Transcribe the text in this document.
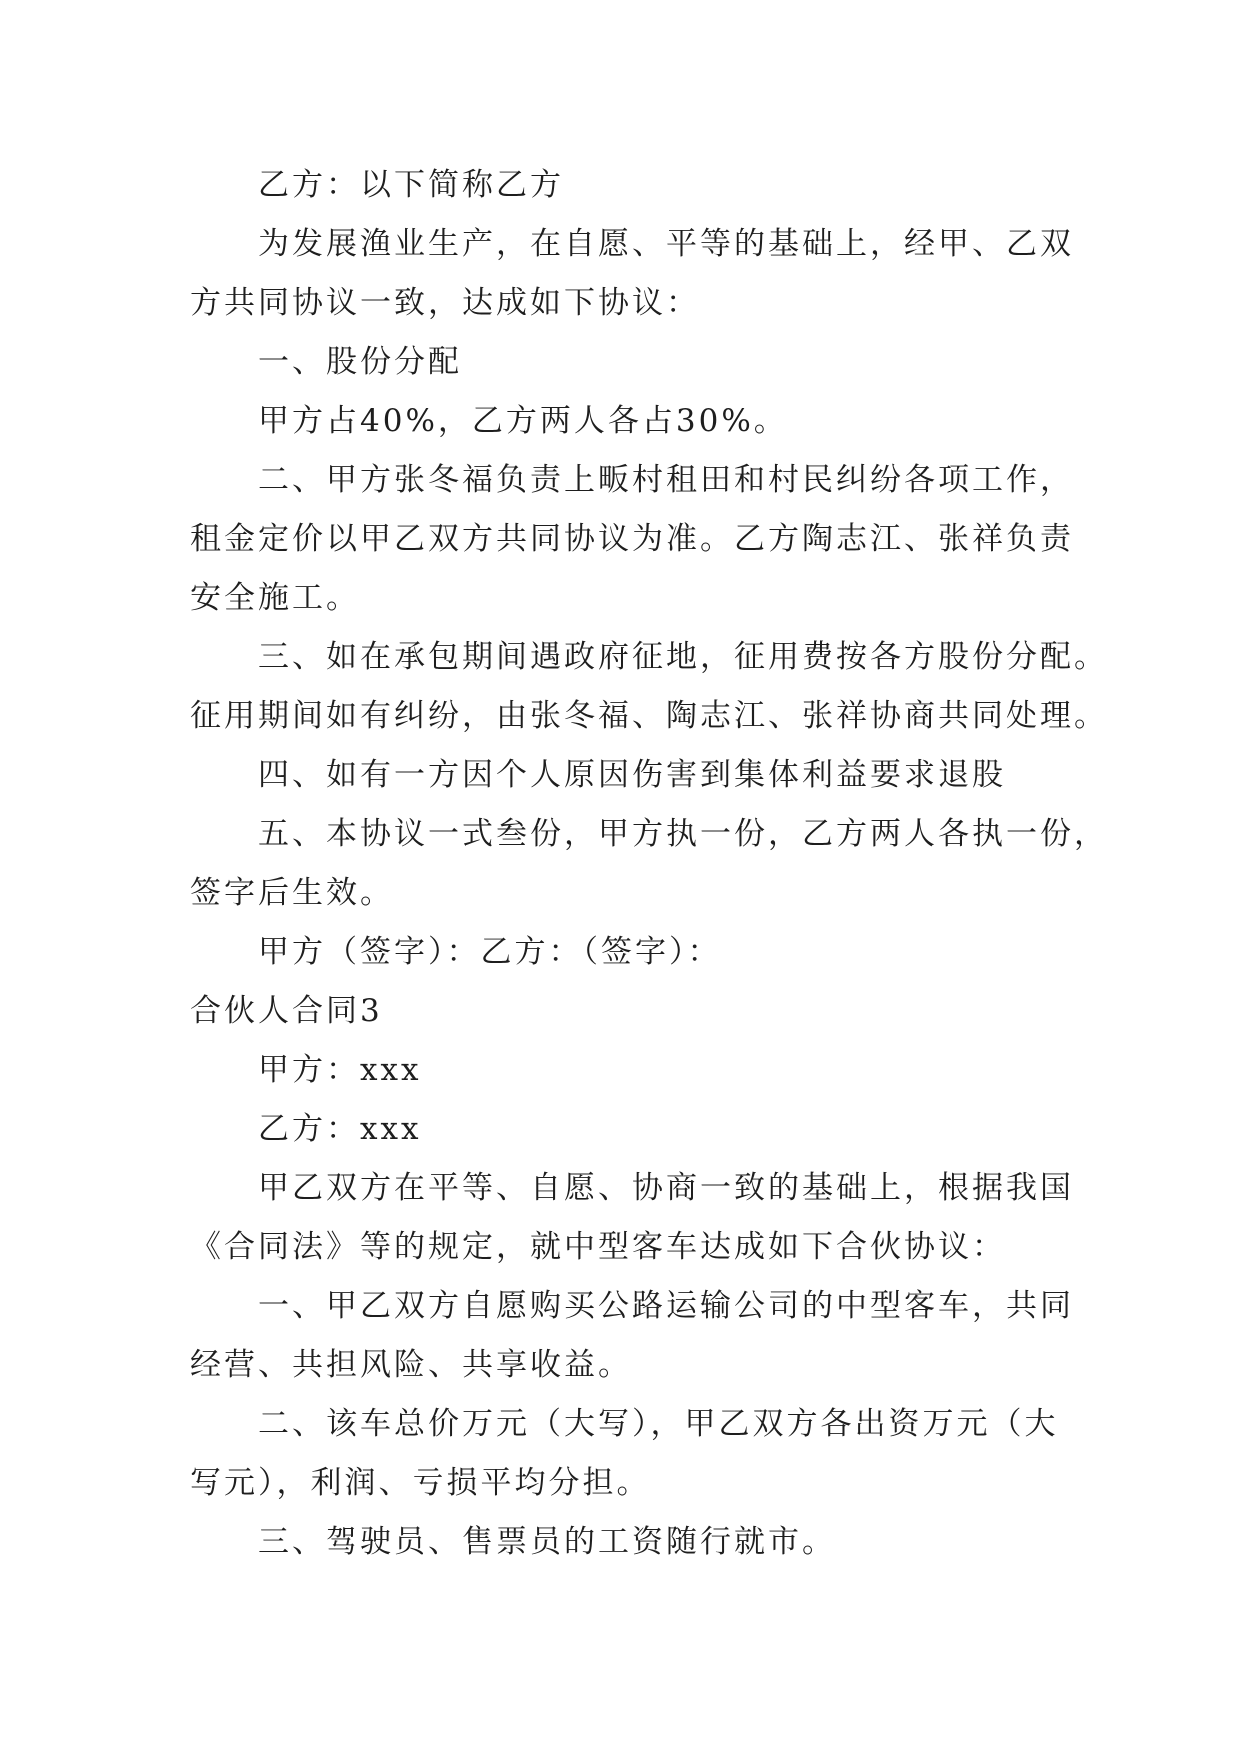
乙方：以下简称乙方
为发展渔业生产，在自愿、平等的基础上，经甲、乙双
方共同协议一致，达成如下协议：
一、股份分配
甲方占40%，乙方两人各占30%。
二、甲方张冬福负责上畈村租田和村民纠纷各项工作，
租金定价以甲乙双方共同协议为准。乙方陶志江、张祥负责
安全施工。
三、如在承包期间遇政府征地，征用费按各方股份分配。
征用期间如有纠纷，由张冬福、陶志江、张祥协商共同处理。
四、如有一方因个人原因伤害到集体利益要求退股
五、本协议一式叁份，甲方执一份，乙方两人各执一份，
签字后生效。
甲方（签字）：乙方：（签字）：
合伙人合同3
甲方：xxx
乙方：xxx
甲乙双方在平等、自愿、协商一致的基础上，根据我国
《合同法》等的规定，就中型客车达成如下合伙协议：
一、甲乙双方自愿购买公路运输公司的中型客车，共同
经营、共担风险、共享收益。
二、该车总价万元（大写），甲乙双方各出资万元（大
写元），利润、亏损平均分担。
三、驾驶员、售票员的工资随行就市。
